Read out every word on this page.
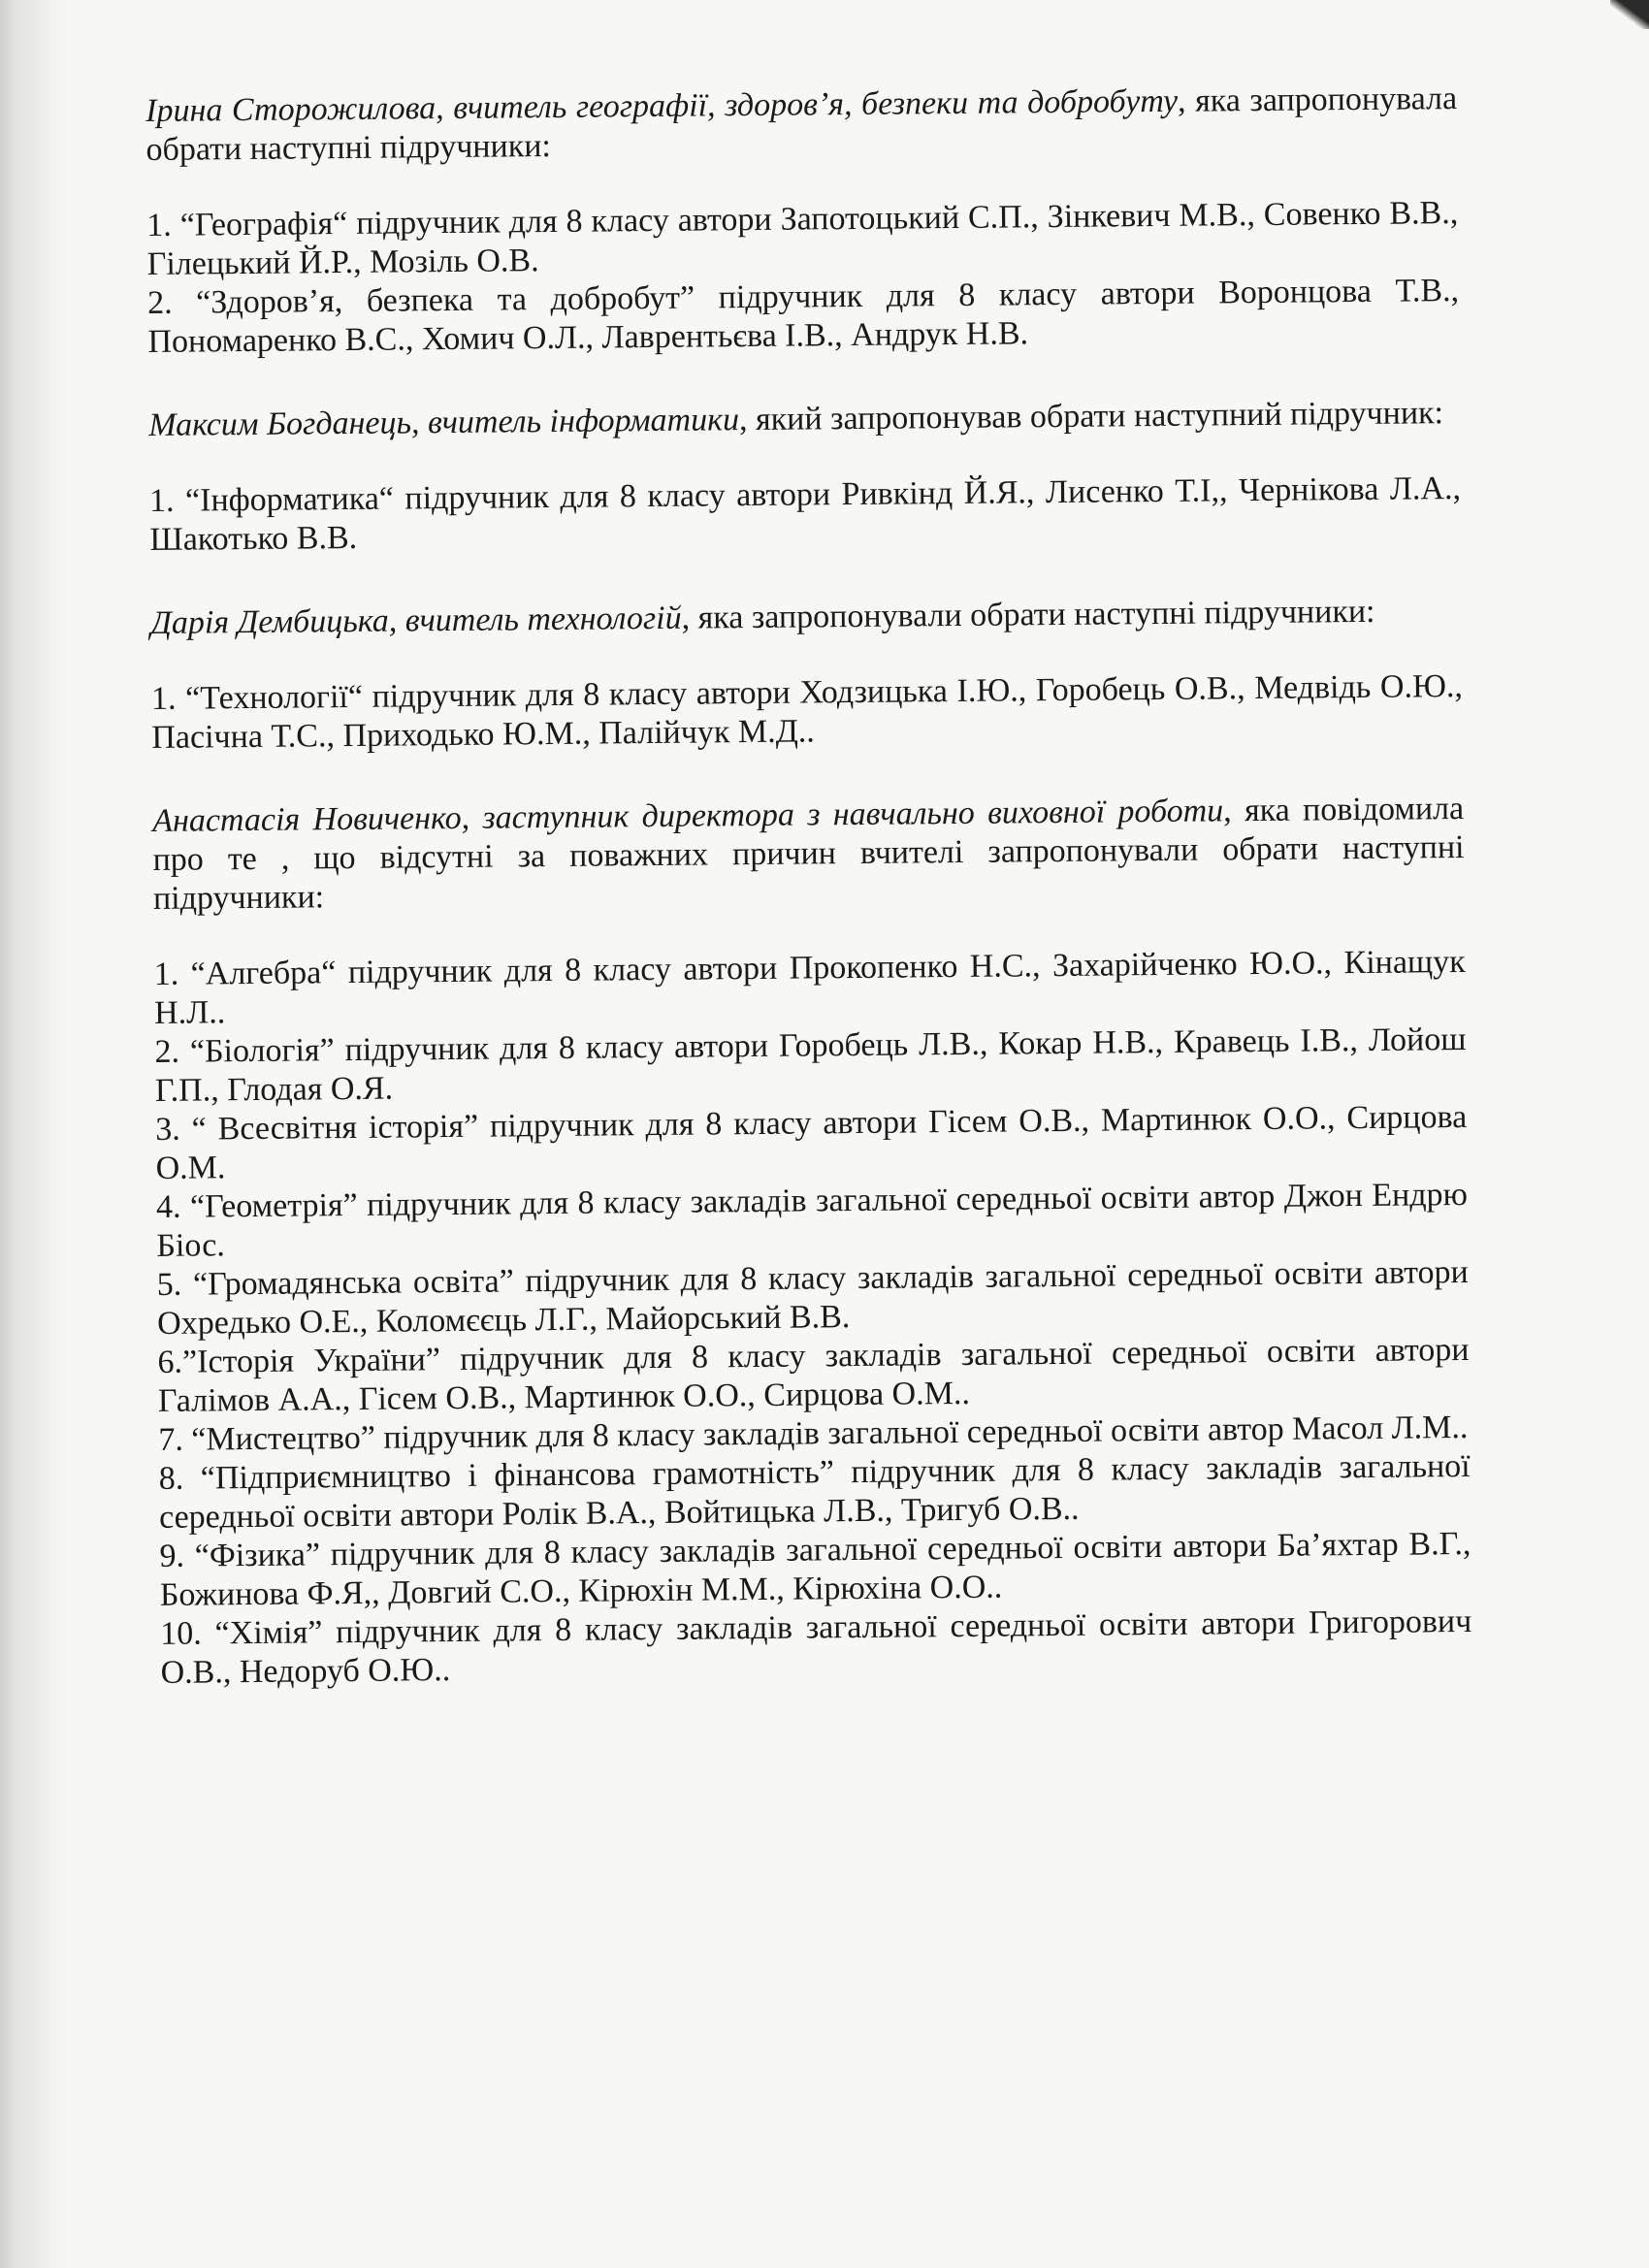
Ірина Сторожилова, вчитель географії, здоров’я, безпеки та добробуту, яка запропонувала обрати наступні підручники:
1. “Географія“ підручник для 8 класу автори Запотоцький С.П., Зінкевич М.В., Совенко В.В., Гілецький Й.Р., Мозіль О.В.
2. “Здоров’я, безпека та добробут” підручник для 8 класу автори Воронцова Т.В., Пономаренко В.С., Хомич О.Л., Лаврентьєва І.В., Андрук Н.В.
Максим Богданець, вчитель інформатики, який запропонував обрати наступний підручник:
1. “Інформатика“ підручник для 8 класу автори Ривкінд Й.Я., Лисенко Т.І,, Чернікова Л.А., Шакотько В.В.
Дарія Дембицька, вчитель технологій, яка запропонували обрати наступні підручники:
1. “Технології“ підручник для 8 класу автори Ходзицька І.Ю., Горобець О.В., Медвідь О.Ю., Пасічна Т.С., Приходько Ю.М., Палійчук М.Д..
Анастасія Новиченко, заступник директора з навчально виховної роботи, яка повідомила про те , що відсутні за поважних причин вчителі запропонували обрати наступні підручники:
1. “Алгебра“ підручник для 8 класу автори Прокопенко Н.С., Захарійченко Ю.О., Кінащук Н.Л..
2. “Біологія” підручник для 8 класу автори Горобець Л.В., Кокар Н.В., Кравець І.В., Лойош Г.П., Глодая О.Я.
3. “ Всесвітня історія” підручник для 8 класу автори Гісем О.В., Мартинюк О.О., Сирцова О.М.
4. “Геометрія” підручник для 8 класу закладів загальної середньої освіти автор Джон Ендрю Біос.
5. “Громадянська освіта” підручник для 8 класу закладів загальної середньої освіти автори Охредько О.Е., Коломєєць Л.Г., Майорський В.В.
6.”Історія України” підручник для 8 класу закладів загальної середньої освіти автори Галімов А.А., Гісем О.В., Мартинюк О.О., Сирцова О.М..
7. “Мистецтво” підручник для 8 класу закладів загальної середньої освіти автор Масол Л.М..
8. “Підприємництво і фінансова грамотність” підручник для 8 класу закладів загальної середньої освіти автори Ролік В.А., Войтицька Л.В., Тригуб О.В..
9. “Фізика” підручник для 8 класу закладів загальної середньої освіти автори Ба’яхтар В.Г., Божинова Ф.Я,, Довгий С.О., Кірюхін М.М., Кірюхіна О.О..
10. “Хімія” підручник для 8 класу закладів загальної середньої освіти автори Григорович О.В., Недоруб О.Ю..
